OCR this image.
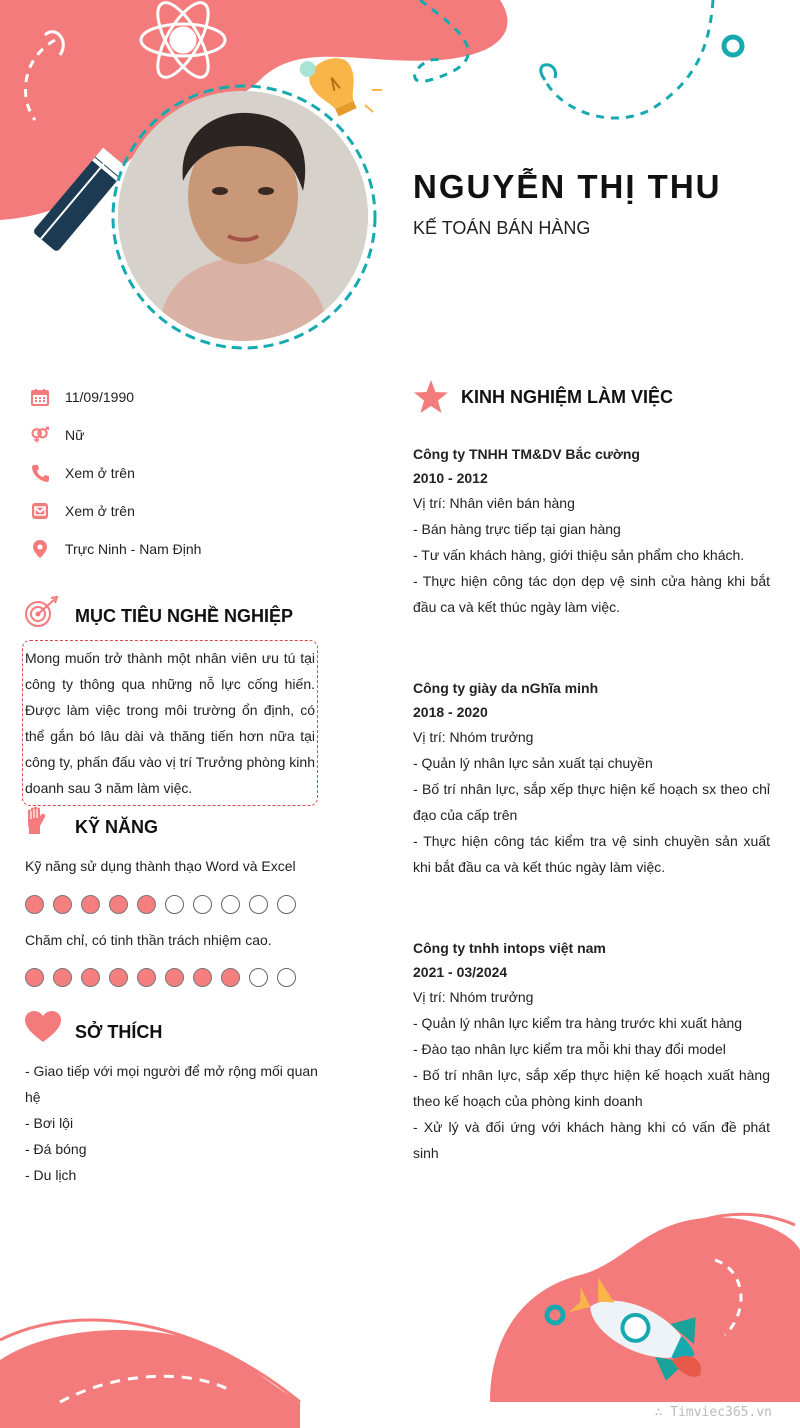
NGUYỄN THỊ THU
KẾ TOÁN BÁN HÀNG
11/09/1990
Nữ
Xem ở trên
Xem ở trên
Trực Ninh - Nam Định
MỤC TIÊU NGHỀ NGHIỆP
Mong muốn trở thành một nhân viên ưu tú tại công ty thông qua những nỗ lực cống hiến. Được làm việc trong môi trường ổn định, có thể gắn bó lâu dài và thăng tiến hơn nữa tại công ty, phấn đấu vào vị trí Trưởng phòng kinh doanh sau 3 năm làm việc.
KỸ NĂNG
Kỹ năng sử dụng thành thạo Word và Excel
Chăm chỉ, có tinh thần trách nhiệm cao.
SỞ THÍCH
- Giao tiếp với mọi người để mở rộng mối quan hệ
- Bơi lội
- Đá bóng
- Du lịch
KINH NGHIỆM LÀM VIỆC
Công ty TNHH TM&DV Bắc cường
2010 - 2012
Vị trí: Nhân viên bán hàng
- Bán hàng trực tiếp tại gian hàng
- Tư vấn khách hàng, giới thiệu sản phẩm cho khách.
- Thực hiện công tác dọn dẹp vệ sinh cửa hàng khi bắt đầu ca và kết thúc ngày làm việc.
Công ty giày da nGhĩa minh
2018 - 2020
Vị trí: Nhóm trưởng
- Quản lý nhân lực sản xuất tại chuyền
- Bố trí nhân lực, sắp xếp thực hiện kế hoạch sx theo chỉ đạo của cấp trên
- Thực hiện công tác kiểm tra vệ sinh chuyền sản xuất khi bắt đầu ca và kết thúc ngày làm việc.
Công ty tnhh intops việt nam
2021 - 03/2024
Vị trí: Nhóm trưởng
- Quản lý nhân lực kiểm tra hàng trước khi xuất hàng
- Đào tạo nhân lực kiểm tra mỗi khi thay đổi model
- Bố trí nhân lực, sắp xếp thực hiện kế hoạch xuất hàng theo kế hoạch của phòng kinh doanh
- Xử lý và đối ứng với khách hàng khi có vấn đề phát sinh
∴ Timviec365.vn
